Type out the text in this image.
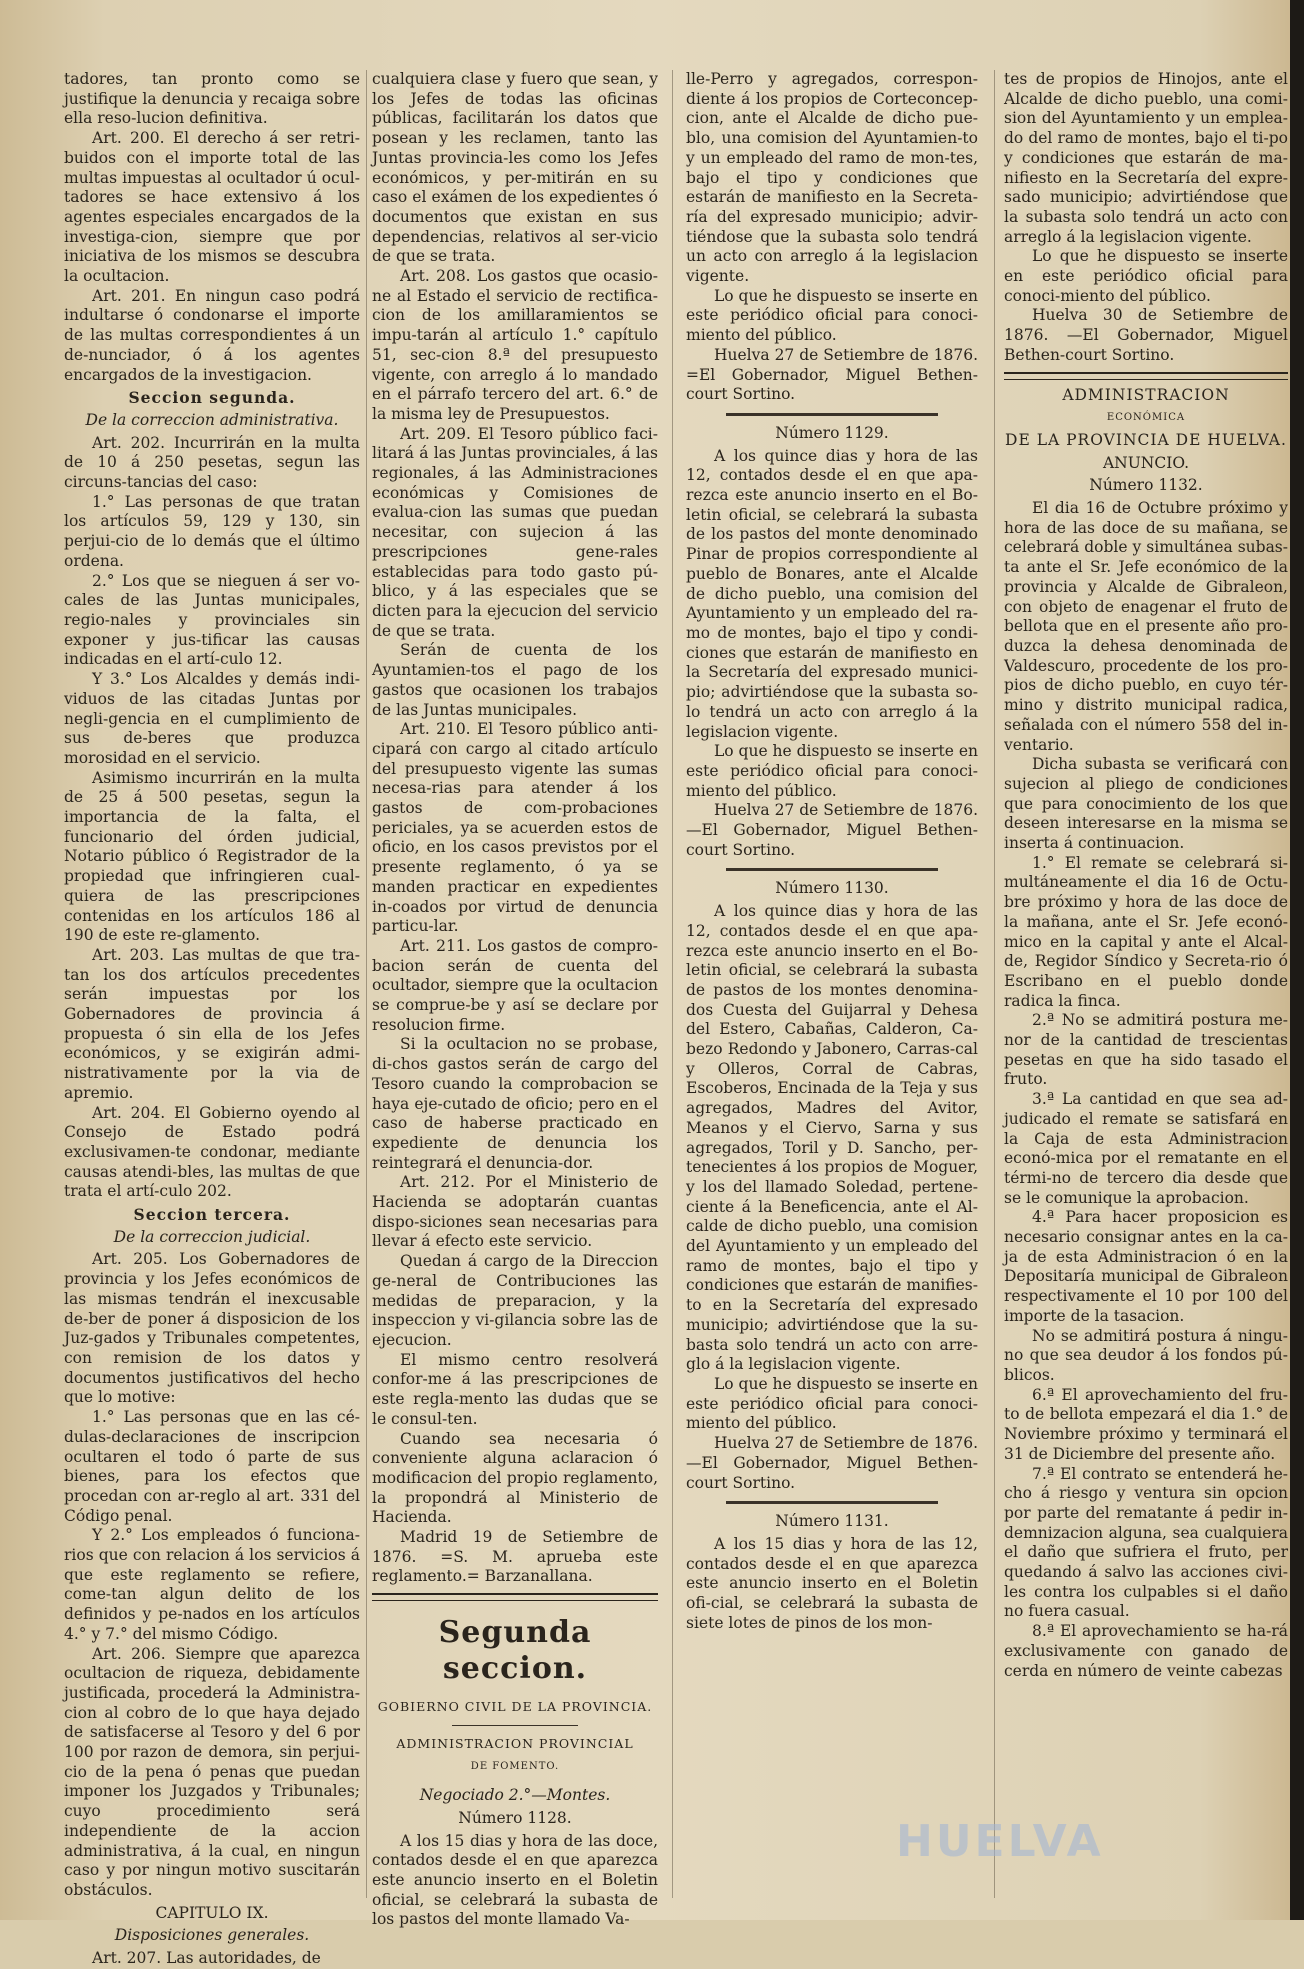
tadores, tan pronto como se justifique la denuncia y recaiga sobre ella reso-lucion definitiva.

Art. 200. El derecho á ser retri-buidos con el importe total de las multas impuestas al ocultador ú ocul-tadores se hace extensivo á los agentes especiales encargados de la investiga-cion, siempre que por iniciativa de los mismos se descubra la ocultacion.

Art. 201. En ningun caso podrá indultarse ó condonarse el importe de las multas correspondientes á un de-nunciador, ó á los agentes encargados de la investigacion.

Seccion segunda.
De la correccion administrativa.

Art. 202. Incurrirán en la multa de 10 á 250 pesetas, segun las circuns-tancias del caso:

1.° Las personas de que tratan los artículos 59, 129 y 130, sin perjui-cio de lo demás que el último ordena.

2.° Los que se nieguen á ser vo-cales de las Juntas municipales, regio-nales y provinciales sin exponer y jus-tificar las causas indicadas en el artí-culo 12.

Y 3.° Los Alcaldes y demás indi-viduos de las citadas Juntas por negli-gencia en el cumplimiento de sus de-beres que produzca morosidad en el servicio.

Asimismo incurrirán en la multa de 25 á 500 pesetas, segun la importancia de la falta, el funcionario del órden judicial, Notario público ó Registrador de la propiedad que infringieren cual-quiera de las prescripciones contenidas en los artículos 186 al 190 de este re-glamento.

Art. 203. Las multas de que tra-tan los dos artículos precedentes serán impuestas por los Gobernadores de provincia á propuesta ó sin ella de los Jefes económicos, y se exigirán admi-nistrativamente por la via de apremio.

Art. 204. El Gobierno oyendo al Consejo de Estado podrá exclusivamen-te condonar, mediante causas atendi-bles, las multas de que trata el artí-culo 202.

Seccion tercera.
De la correccion judicial.

Art. 205. Los Gobernadores de provincia y los Jefes económicos de las mismas tendrán el inexcusable de-ber de poner á disposicion de los Juz-gados y Tribunales competentes, con remision de los datos y documentos justificativos del hecho que lo motive:

1.° Las personas que en las cé-dulas-declaraciones de inscripcion ocultaren el todo ó parte de sus bienes, para los efectos que procedan con ar-reglo al art. 331 del Código penal.

Y 2.° Los empleados ó funciona-rios que con relacion á los servicios á que este reglamento se refiere, come-tan algun delito de los definidos y pe-nados en los artículos 4.° y 7.° del mismo Código.

Art. 206. Siempre que aparezca ocultacion de riqueza, debidamente justificada, procederá la Administra-cion al cobro de lo que haya dejado de satisfacerse al Tesoro y del 6 por 100 por razon de demora, sin perjui-cio de la pena ó penas que puedan imponer los Juzgados y Tribunales; cuyo procedimiento será independiente de la accion administrativa, á la cual, en ningun caso y por ningun motivo suscitarán obstáculos.

CAPITULO IX.
Disposiciones generales.

Art. 207. Las autoridades, de

cualquiera clase y fuero que sean, y los Jefes de todas las oficinas públicas, facilitarán los datos que posean y les reclamen, tanto las Juntas provincia-les como los Jefes económicos, y per-mitirán en su caso el exámen de los expedientes ó documentos que existan en sus dependencias, relativos al ser-vicio de que se trata.

Art. 208. Los gastos que ocasio-ne al Estado el servicio de rectifica-cion de los amillaramientos se impu-tarán al artículo 1.° capítulo 51, sec-cion 8.ª del presupuesto vigente, con arreglo á lo mandado en el párrafo tercero del art. 6.° de la misma ley de Presupuestos.

Art. 209. El Tesoro público faci-litará á las Juntas provinciales, á las regionales, á las Administraciones económicas y Comisiones de evalua-cion las sumas que puedan necesitar, con sujecion á las prescripciones gene-rales establecidas para todo gasto pú-blico, y á las especiales que se dicten para la ejecucion del servicio de que se trata.

Serán de cuenta de los Ayuntamien-tos el pago de los gastos que ocasionen los trabajos de las Juntas municipales.

Art. 210. El Tesoro público anti-cipará con cargo al citado artículo del presupuesto vigente las sumas necesa-rias para atender á los gastos de com-probaciones periciales, ya se acuerden estos de oficio, en los casos previstos por el presente reglamento, ó ya se manden practicar en expedientes in-coados por virtud de denuncia particu-lar.

Art. 211. Los gastos de compro-bacion serán de cuenta del ocultador, siempre que la ocultacion se comprue-be y así se declare por resolucion firme.

Si la ocultacion no se probase, di-chos gastos serán de cargo del Tesoro cuando la comprobacion se haya eje-cutado de oficio; pero en el caso de haberse practicado en expediente de denuncia los reintegrará el denuncia-dor.

Art. 212. Por el Ministerio de Hacienda se adoptarán cuantas dispo-siciones sean necesarias para llevar á efecto este servicio.

Quedan á cargo de la Direccion ge-neral de Contribuciones las medidas de preparacion, y la inspeccion y vi-gilancia sobre las de ejecucion.

El mismo centro resolverá confor-me á las prescripciones de este regla-mento las dudas que se le consul-ten.

Cuando sea necesaria ó conveniente alguna aclaracion ó modificacion del propio reglamento, la propondrá al Ministerio de Hacienda.

Madrid 19 de Setiembre de 1876. =S. M. aprueba este reglamento.= Barzanallana.

Segunda seccion.
GOBIERNO CIVIL DE LA PROVINCIA.
ADMINISTRACION PROVINCIAL
DE FOMENTO.
Negociado 2.°—Montes.
Número 1128.

A los 15 dias y hora de las doce, contados desde el en que aparezca este anuncio inserto en el Boletin oficial, se celebrará la subasta de los pastos del monte llamado Va-

lle-Perro y agregados, correspon-diente á los propios de Corteconcep-cion, ante el Alcalde de dicho pue-blo, una comision del Ayuntamien-to y un empleado del ramo de mon-tes, bajo el tipo y condiciones que estarán de manifiesto en la Secreta-ría del expresado municipio; advir-tiéndose que la subasta solo tendrá un acto con arreglo á la legislacion vigente.

Lo que he dispuesto se inserte en este periódico oficial para conoci-miento del público.

Huelva 27 de Setiembre de 1876. =El Gobernador, Miguel Bethen-court Sortino.

Número 1129.

A los quince dias y hora de las 12, contados desde el en que apa-rezca este anuncio inserto en el Bo-letin oficial, se celebrará la subasta de los pastos del monte denominado Pinar de propios correspondiente al pueblo de Bonares, ante el Alcalde de dicho pueblo, una comision del Ayuntamiento y un empleado del ra-mo de montes, bajo el tipo y condi-ciones que estarán de manifiesto en la Secretaría del expresado munici-pio; advirtiéndose que la subasta so-lo tendrá un acto con arreglo á la legislacion vigente.

Lo que he dispuesto se inserte en este periódico oficial para conoci-miento del público.

Huelva 27 de Setiembre de 1876. —El Gobernador, Miguel Bethen-court Sortino.

Número 1130.

A los quince dias y hora de las 12, contados desde el en que apa-rezca este anuncio inserto en el Bo-letin oficial, se celebrará la subasta de pastos de los montes denomina-dos Cuesta del Guijarral y Dehesa del Estero, Cabañas, Calderon, Ca-bezo Redondo y Jabonero, Carras-cal y Olleros, Corral de Cabras, Escoberos, Encinada de la Teja y sus agregados, Madres del Avitor, Meanos y el Ciervo, Sarna y sus agregados, Toril y D. Sancho, per-tenecientes á los propios de Moguer, y los del llamado Soledad, pertene-ciente á la Beneficencia, ante el Al-calde de dicho pueblo, una comision del Ayuntamiento y un empleado del ramo de montes, bajo el tipo y condiciones que estarán de manifies-to en la Secretaría del expresado municipio; advirtiéndose que la su-basta solo tendrá un acto con arre-glo á la legislacion vigente.

Lo que he dispuesto se inserte en este periódico oficial para conoci-miento del público.

Huelva 27 de Setiembre de 1876. —El Gobernador, Miguel Bethen-court Sortino.

Número 1131.

A los 15 dias y hora de las 12, contados desde el en que aparezca este anuncio inserto en el Boletin ofi-cial, se celebrará la subasta de siete lotes de pinos de los mon-

tes de propios de Hinojos, ante el Alcalde de dicho pueblo, una comi-sion del Ayuntamiento y un emplea-do del ramo de montes, bajo el ti-po y condiciones que estarán de ma-nifiesto en la Secretaría del expre-sado municipio; advirtiéndose que la subasta solo tendrá un acto con arreglo á la legislacion vigente.

Lo que he dispuesto se inserte en este periódico oficial para conoci-miento del público.

Huelva 30 de Setiembre de 1876. —El Gobernador, Miguel Bethen-court Sortino.

ADMINISTRACION
ECONÓMICA
DE LA PROVINCIA DE HUELVA.
ANUNCIO.
Número 1132.

El dia 16 de Octubre próximo y hora de las doce de su mañana, se celebrará doble y simultánea subas-ta ante el Sr. Jefe económico de la provincia y Alcalde de Gibraleon, con objeto de enagenar el fruto de bellota que en el presente año pro-duzca la dehesa denominada de Valdescuro, procedente de los pro-pios de dicho pueblo, en cuyo tér-mino y distrito municipal radica, señalada con el número 558 del in-ventario.

Dicha subasta se verificará con sujecion al pliego de condiciones que para conocimiento de los que deseen interesarse en la misma se inserta á continuacion.

1.° El remate se celebrará si-multáneamente el dia 16 de Octu-bre próximo y hora de las doce de la mañana, ante el Sr. Jefe econó-mico en la capital y ante el Alcal-de, Regidor Síndico y Secreta-rio ó Escribano en el pueblo donde radica la finca.

2.ª No se admitirá postura me-nor de la cantidad de trescientas pesetas en que ha sido tasado el fruto.

3.ª La cantidad en que sea ad-judicado el remate se satisfará en la Caja de esta Administracion econó-mica por el rematante en el térmi-no de tercero dia desde que se le comunique la aprobacion.

4.ª Para hacer proposicion es necesario consignar antes en la ca-ja de esta Administracion ó en la Depositaría municipal de Gibraleon respectivamente el 10 por 100 del importe de la tasacion.

No se admitirá postura á ningu-no que sea deudor á los fondos pú-blicos.

6.ª El aprovechamiento del fru-to de bellota empezará el dia 1.° de Noviembre próximo y terminará el 31 de Diciembre del presente año.

7.ª El contrato se entenderá he-cho á riesgo y ventura sin opcion por parte del rematante á pedir in-demnizacion alguna, sea cualquiera el daño que sufriera el fruto, per quedando á salvo las acciones civi-les contra los culpables si el daño no fuera casual.

8.ª El aprovechamiento se ha-rá exclusivamente con ganado de cerda en número de veinte cabezas

HUELVA
